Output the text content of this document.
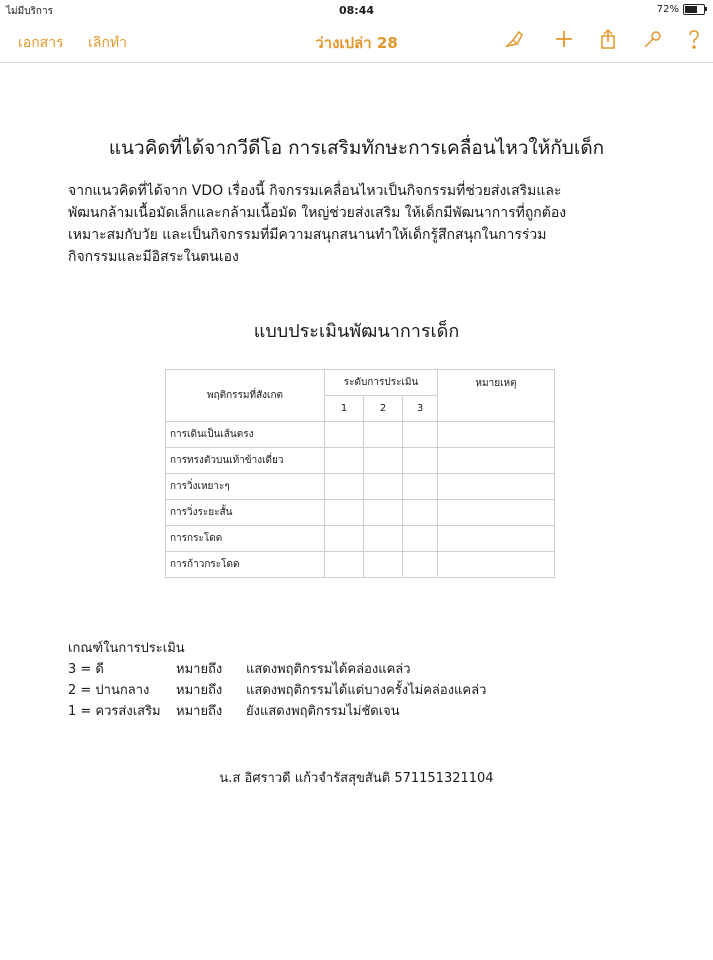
ไม่มีบริการ	08:44	72%
เอกสาร เลิกทำ	ว่างเปล่า 28
แนวคิดที่ได้จากวีดีโอ การเสริมทักษะการเคลื่อนไหวให้กับเด็ก
จากแนวคิดที่ได้จาก VDO เรื่องนี้ กิจกรรมเคลื่อนไหวเป็นกิจกรรมที่ช่วยส่งเสริมและ
พัฒนกล้ามเนื้อมัดเล็กและกล้ามเนื้อมัด ใหญ่ช่วยส่งเสริม ให้เด็กมีพัฒนาการที่ถูกต้อง
เหมาะสมกับวัย และเป็นกิจกรรมที่มีความสนุกสนานทำให้เด็กรู้สึกสนุกในการร่วม
กิจกรรมและมีอิสระในตนเอง
แบบประเมินพัฒนาการเด็ก
พฤติกรรมที่สังเกต	ระดับการประเมิน			หมายเหตุ
	1	2	3	
การเดินเป็นเส้นตรง				
การทรงตัวบนเท้าข้างเดี่ยว				
การวิ่งเหยาะๆ				
การวิ่งระยะสั้น				
การกระโดด				
การก้าวกระโดด				
เกณฑ์ในการประเมิน
3 = ดี	หมายถึง	แสดงพฤติกรรมได้คล่องแคล่ว
2 = ปานกลาง	หมายถึง	แสดงพฤติกรรมได้แต่บางครั้งไม่คล่องแคล่ว
1 = ควรส่งเสริม	หมายถึง	ยังแสดงพฤติกรรมไม่ชัดเจน
น.ส อิศราวดี แก้วจำรัสสุขสันติ 571151321104
